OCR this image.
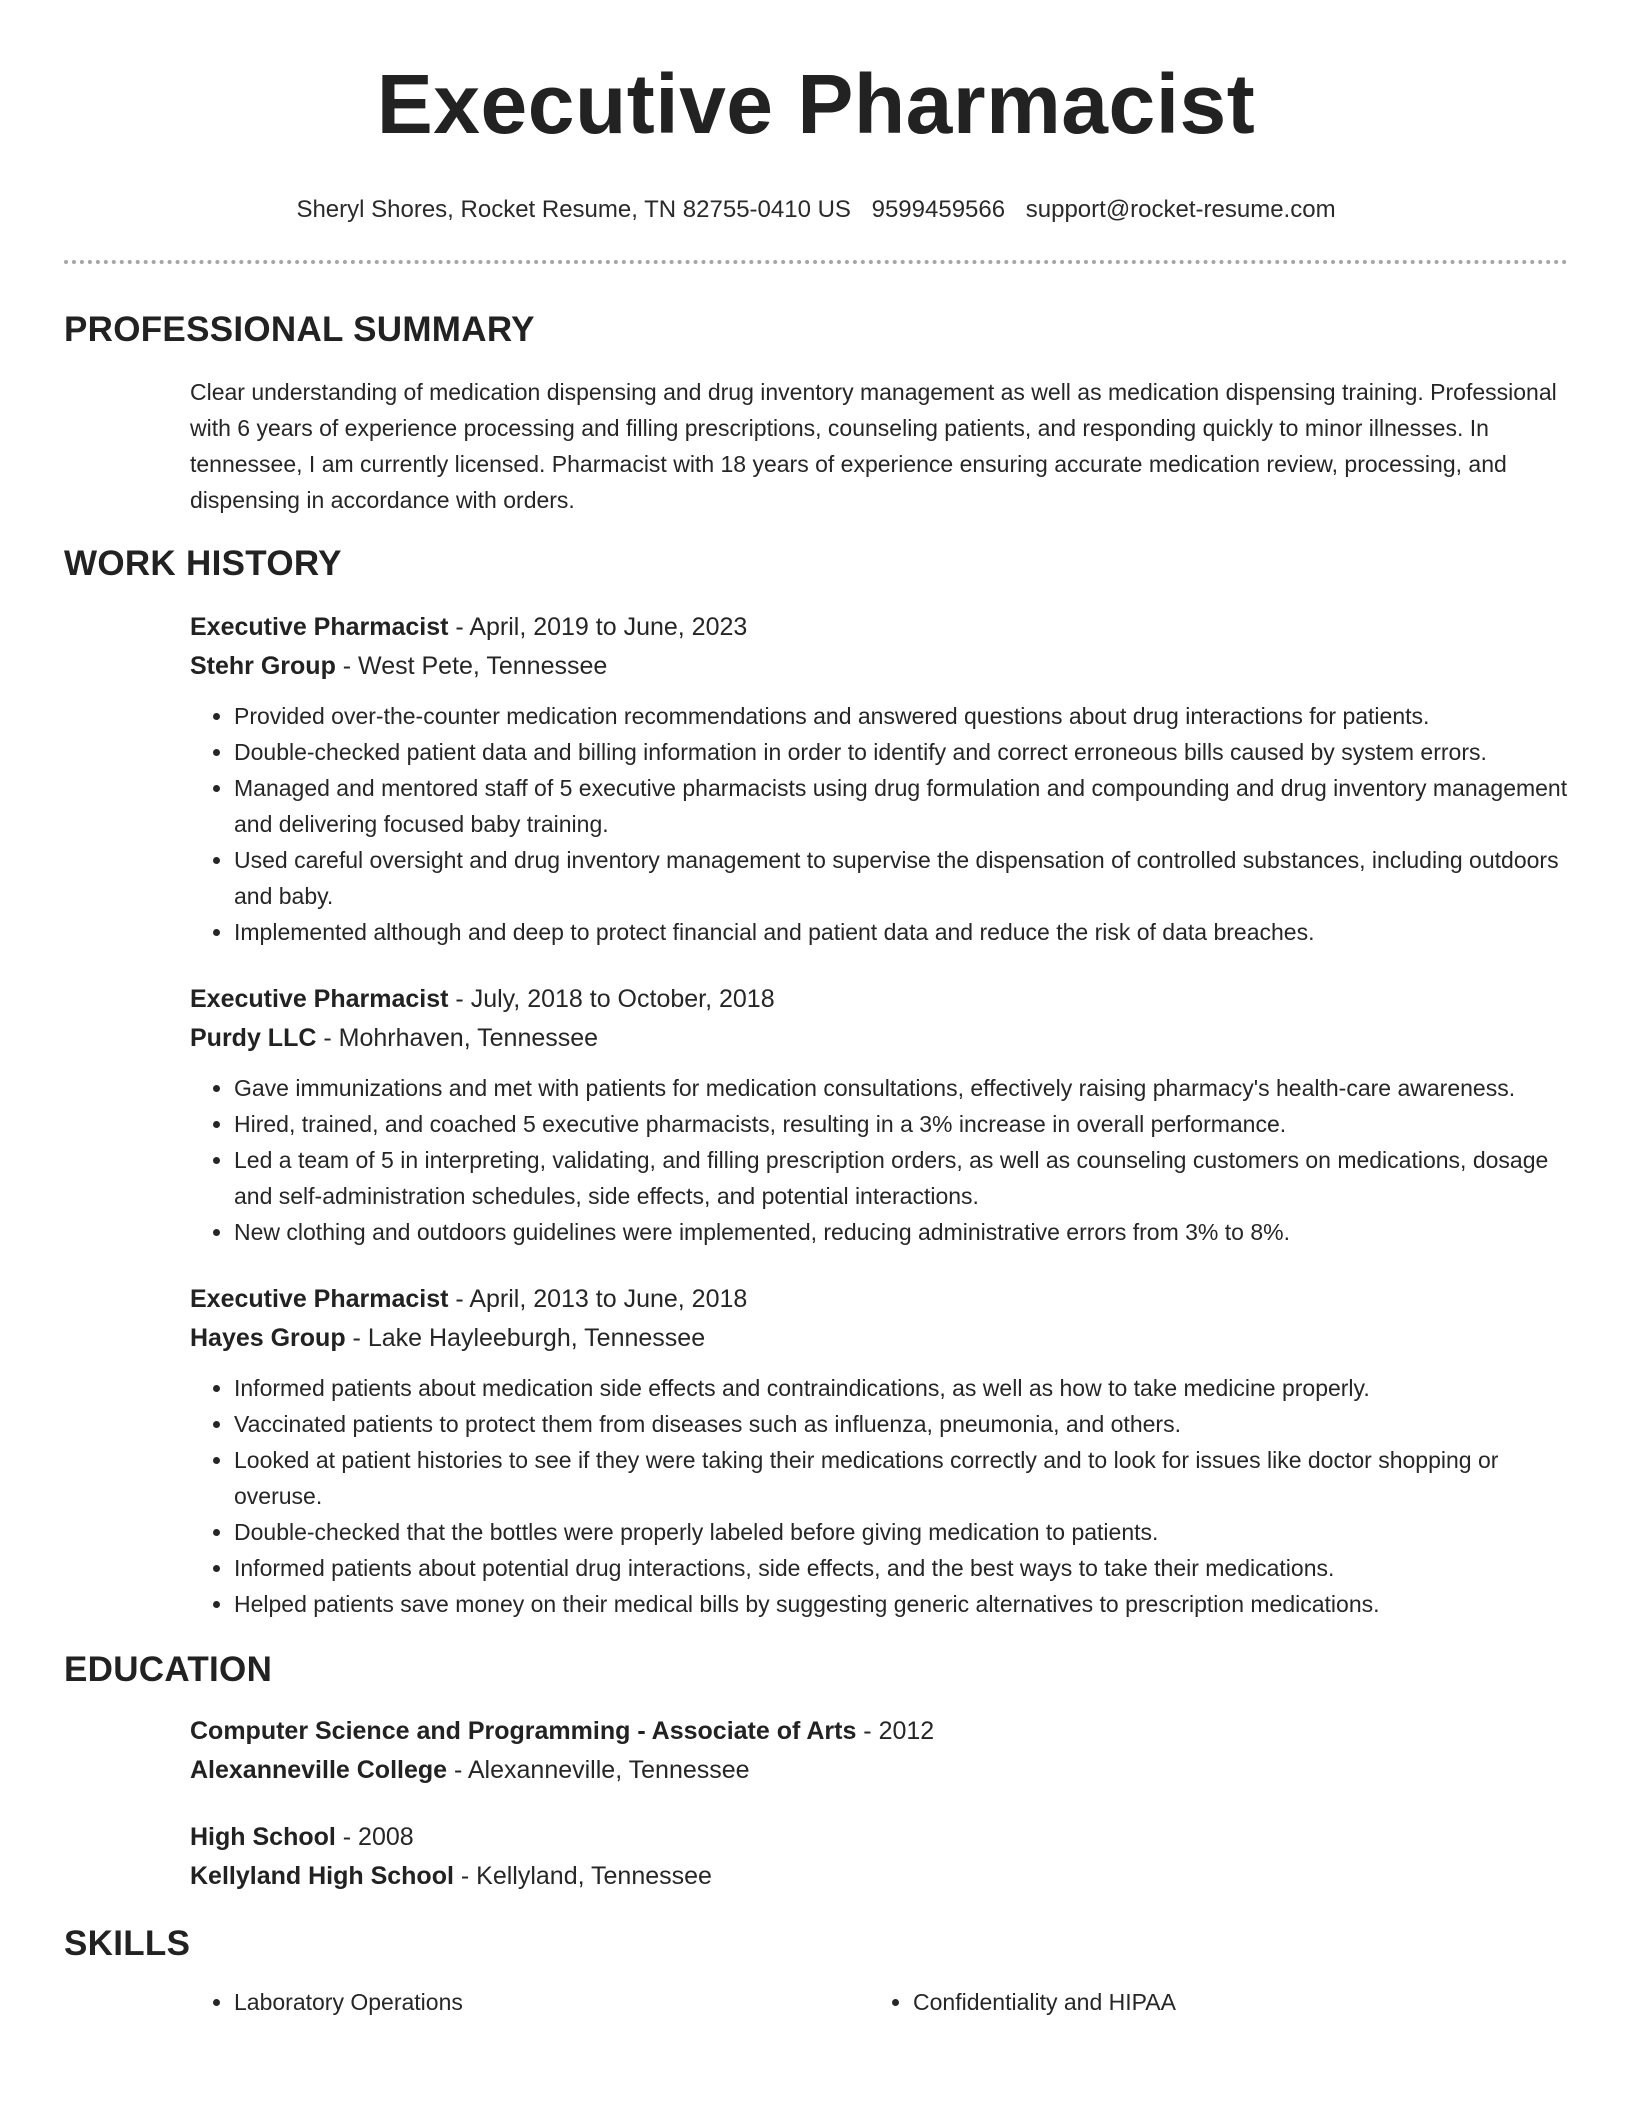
Executive Pharmacist
Sheryl Shores, Rocket Resume, TN 82755-0410 US 9599459566 support@rocket-resume.com
PROFESSIONAL SUMMARY

Clear understanding of medication dispensing and drug inventory management as well as medication dispensing training. Professional with 6 years of experience processing and filling prescriptions, counseling patients, and responding quickly to minor illnesses. In tennessee, I am currently licensed. Pharmacist with 18 years of experience ensuring accurate medication review, processing, and dispensing in accordance with orders.

WORK HISTORY
Executive Pharmacist - April, 2019 to June, 2023
Stehr Group - West Pete, Tennessee
• Provided over-the-counter medication recommendations and answered questions about drug interactions for patients.
• Double-checked patient data and billing information in order to identify and correct erroneous bills caused by system errors.
• Managed and mentored staff of 5 executive pharmacists using drug formulation and compounding and drug inventory management and delivering focused baby training.
• Used careful oversight and drug inventory management to supervise the dispensation of controlled substances, including outdoors and baby.
• Implemented although and deep to protect financial and patient data and reduce the risk of data breaches.
Executive Pharmacist - July, 2018 to October, 2018
Purdy LLC - Mohrhaven, Tennessee
• Gave immunizations and met with patients for medication consultations, effectively raising pharmacy's health-care awareness.
• Hired, trained, and coached 5 executive pharmacists, resulting in a 3% increase in overall performance.
• Led a team of 5 in interpreting, validating, and filling prescription orders, as well as counseling customers on medications, dosage and self-administration schedules, side effects, and potential interactions.
• New clothing and outdoors guidelines were implemented, reducing administrative errors from 3% to 8%.
Executive Pharmacist - April, 2013 to June, 2018
Hayes Group - Lake Hayleeburgh, Tennessee
• Informed patients about medication side effects and contraindications, as well as how to take medicine properly.
• Vaccinated patients to protect them from diseases such as influenza, pneumonia, and others.
• Looked at patient histories to see if they were taking their medications correctly and to look for issues like doctor shopping or overuse.
• Double-checked that the bottles were properly labeled before giving medication to patients.
• Informed patients about potential drug interactions, side effects, and the best ways to take their medications.
• Helped patients save money on their medical bills by suggesting generic alternatives to prescription medications.
EDUCATION
Computer Science and Programming - Associate of Arts - 2012
Alexanneville College - Alexanneville, Tennessee
High School - 2008
Kellyland High School - Kellyland, Tennessee
SKILLS
• Laboratory Operations
•	Confidentiality and HIPAA
